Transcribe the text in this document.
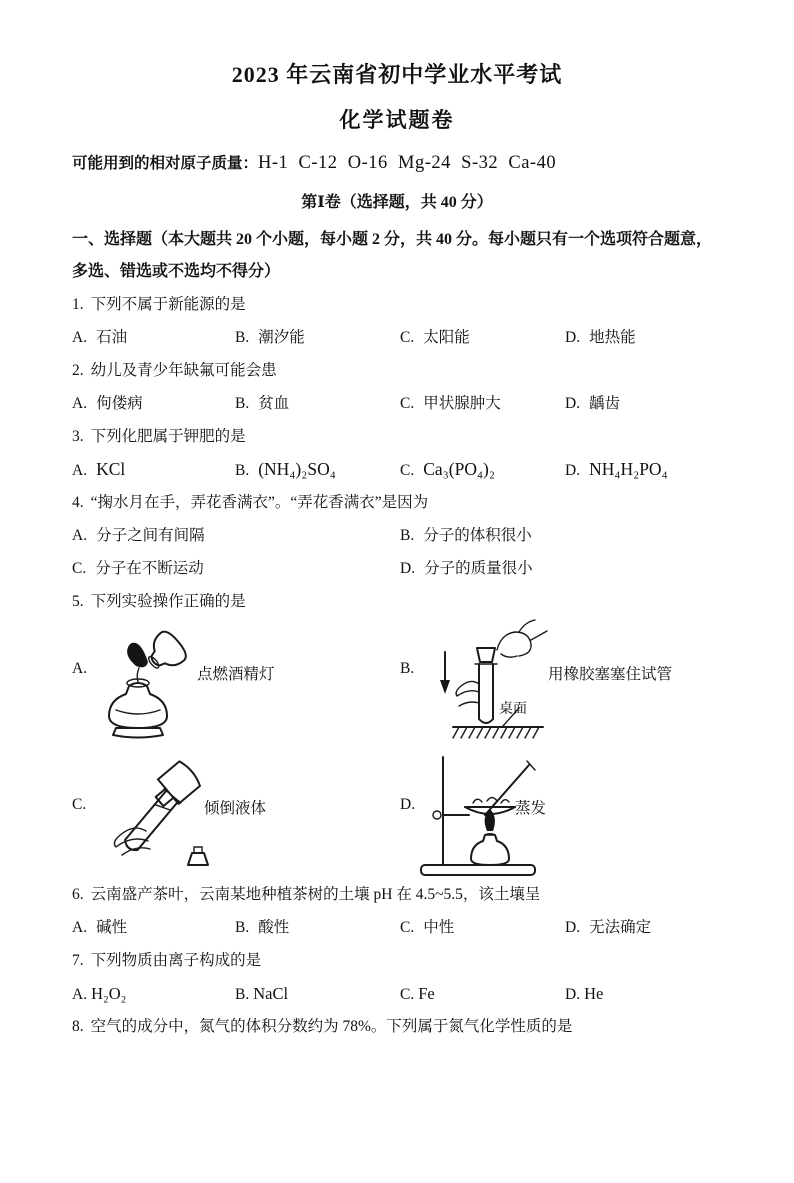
2023 年云南省初中学业水平考试
化学试题卷
可能用到的相对原子质量： H-1  C-12  O-16  Mg-24  S-32  Ca-40
第Ⅰ卷（选择题，共 40 分）
一、选择题（本大题共 20 个小题，每小题 2 分，共 40 分。每小题只有一个选项符合题意，
多选、错选或不选均不得分）
1. 下列不属于新能源的是
A. 石油	B. 潮汐能	C. 太阳能	D. 地热能
2. 幼儿及青少年缺氟可能会患
A. 佝偻病	B. 贫血	C. 甲状腺肿大	D. 龋齿
3. 下列化肥属于钾肥的是
A. KCl	B. (NH₄)₂SO₄	C. Ca₃(PO₄)₂	D. NH₄H₂PO₄
4. “掬水月在手，弄花香满衣”。“弄花香满衣”是因为
A. 分子之间有间隔	B. 分子的体积很小
C. 分子在不断运动	D. 分子的质量很小
5. 下列实验操作正确的是
A.	点燃酒精灯	B.
桌面
用橡胶塞塞住试管
C.	倾倒液体	D.	蒸发
6. 云南盛产茶叶，云南某地种植茶树的土壤 pH 在 4.5~5.5，该土壤呈
A. 碱性	B. 酸性	C. 中性	D. 无法确定
7. 下列物质由离子构成的是
A. H₂O₂	B. NaCl	C. Fe	D. He
8. 空气的成分中，氮气的体积分数约为 78%。下列属于氮气化学性质的是
